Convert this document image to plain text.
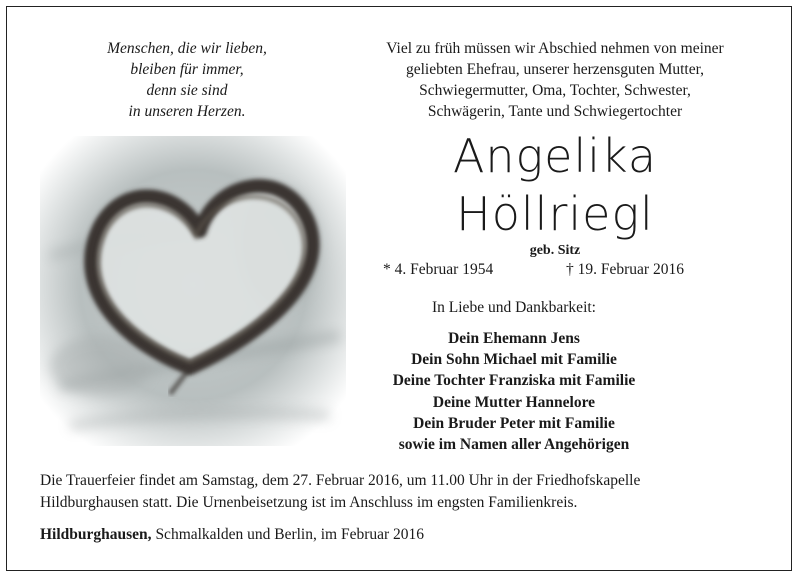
Menschen, die wir lieben,
bleiben für immer,
denn sie sind
in unseren Herzen.
Viel zu früh müssen wir Abschied nehmen von meiner
geliebten Ehefrau, unserer herzensguten Mutter,
Schwiegermutter, Oma, Tochter, Schwester,
Schwägerin, Tante und Schwiegertochter
Angelika
Höllriegl
geb. Sitz
* 4. Februar 1954	† 19. Februar 2016
In Liebe und Dankbarkeit:
Dein Ehemann Jens
Dein Sohn Michael mit Familie
Deine Tochter Franziska mit Familie
Deine Mutter Hannelore
Dein Bruder Peter mit Familie
sowie im Namen aller Angehörigen
Die Trauerfeier findet am Samstag, dem 27. Februar 2016, um 11.00 Uhr in der Friedhofskapelle
Hildburghausen statt. Die Urnenbeisetzung ist im Anschluss im engsten Familienkreis.
Hildburghausen, Schmalkalden und Berlin, im Februar 2016
